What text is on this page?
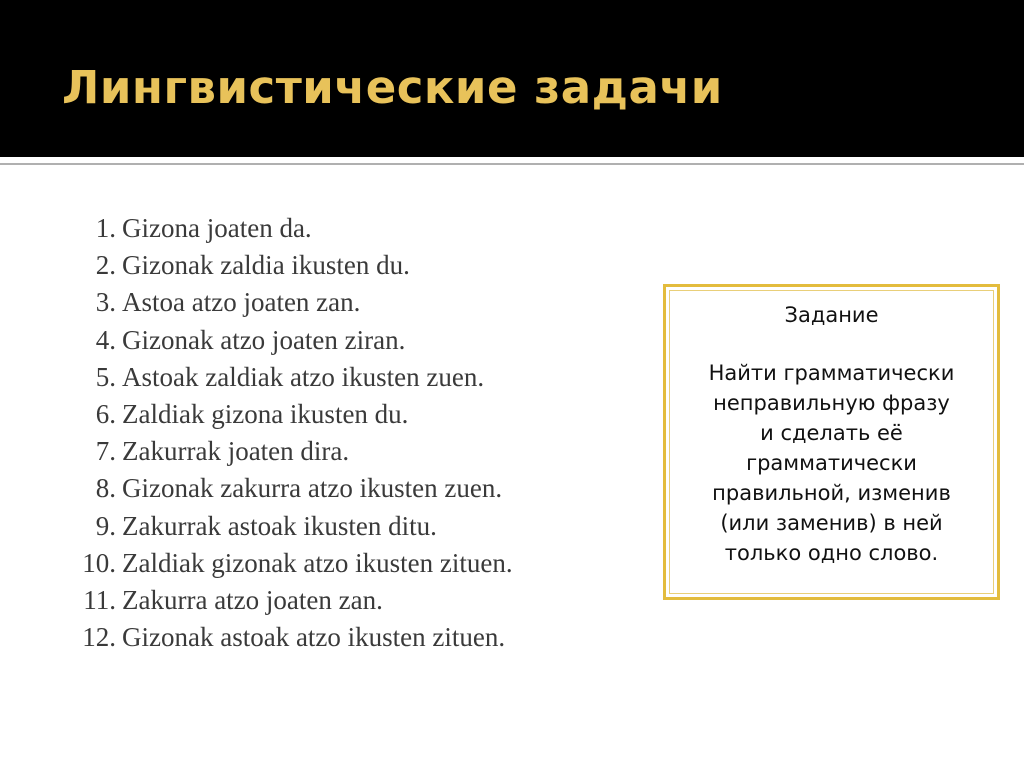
Лингвистические задачи
1. Gizona joaten da.
2. Gizonak zaldia ikusten du.
3. Astoa atzo joaten zan.
4. Gizonak atzo joaten ziran.
5. Astoak zaldiak atzo ikusten zuen.
6. Zaldiak gizona ikusten du.
7. Zakurrak joaten dira.
8. Gizonak zakurra atzo ikusten zuen.
9. Zakurrak astoak ikusten ditu.
10. Zaldiak gizonak atzo ikusten zituen.
11. Zakurra atzo joaten zan.
12. Gizonak astoak atzo ikusten zituen.
Задание
Найти грамматически
неправильную фразу
и сделать её
грамматически
правильной, изменив
(или заменив) в ней
только одно слово.
